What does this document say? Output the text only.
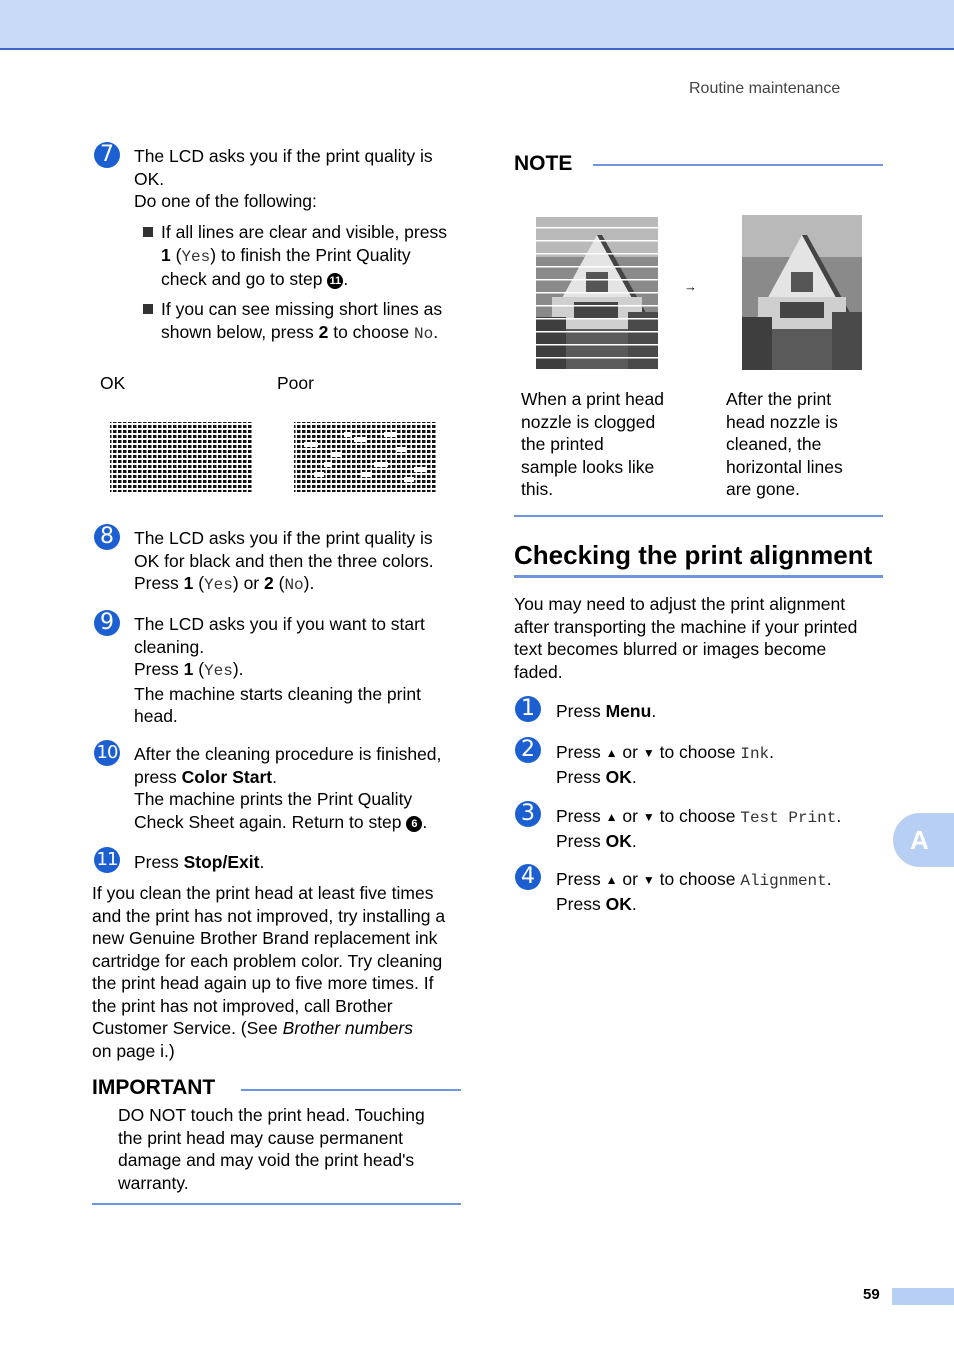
Routine maintenance
7	The LCD asks you if the print quality is OK.
Do one of the following:
If all lines are clear and visible, press
1 (Yes) to finish the Print Quality
check and go to step 11 .
If you can see missing short lines as
shown below, press 2 to choose No.
OK	Poor
8	The LCD asks you if the print quality is
OK for black and then the three colors.
Press 1 (Yes) or 2 (No).
9	The LCD asks you if you want to start
cleaning.
Press 1 (Yes).
The machine starts cleaning the print
head.
10 After the cleaning procedure is finished,
press Color Start.
The machine prints the Print Quality
Check Sheet again. Return to step 6 .
11 Press Stop/Exit.
If you clean the print head at least five times
and the print has not improved, try installing a
new Genuine Brother Brand replacement ink
cartridge for each problem color. Try cleaning
the print head again up to five more times. If
the print has not improved, call Brother
Customer Service. (See Brother numbers
on page i.)
IMPORTANT
DO NOT touch the print head. Touching
the print head may cause permanent
damage and may void the print head's
warranty.
NOTE
→
When a print head
nozzle is clogged
the printed
sample looks like
this.
After the print
head nozzle is
cleaned, the
horizontal lines
are gone.
Checking the print alignment
You may need to adjust the print alignment
after transporting the machine if your printed
text becomes blurred or images become
faded.
1	Press Menu.
2	Press ▲ or ▼ to choose Ink.
Press OK.
3	Press ▲ or ▼ to choose Test Print.
Press OK.
4	Press ▲ or ▼ to choose Alignment.
Press OK.
A
59
